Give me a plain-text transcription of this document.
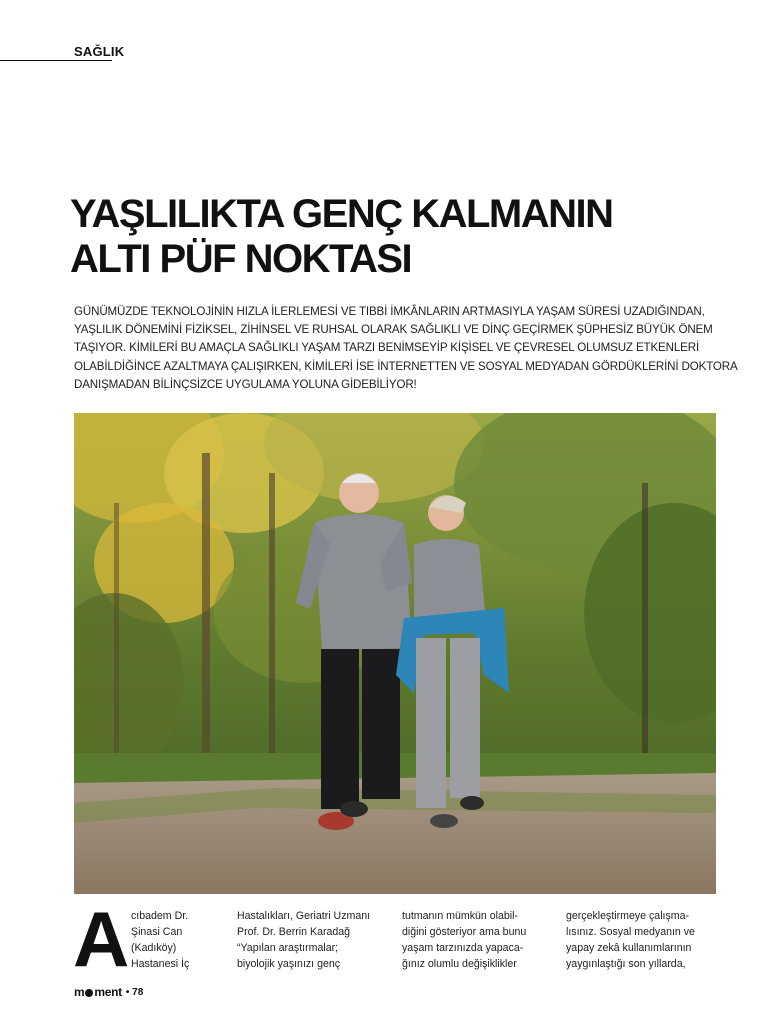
SAĞLIK
YAŞLILIKTA GENÇ KALMANIN
ALTI PÜF NOKTASI
GÜNÜMÜZDE TEKNOLOJİNİN HIZLA İLERLEMESİ VE TIBBİ İMKÂNLARIN ARTMASIYLA YAŞAM SÜRESİ UZADIĞINDAN,
YAŞLILIK DÖNEMİNİ FİZİKSEL, ZİHİNSEL VE RUHSAL OLARAK SAĞLIKLI VE DİNÇ GEÇİRMEK ŞÜPHESİZ BÜYÜK ÖNEM
TAŞIYOR. KİMİLERİ BU AMAÇLA SAĞLIKLI YAŞAM TARZI BENİMSEYİP KİŞİSEL VE ÇEVRESEL OLUMSUZ ETKENLERİ
OLABİLDİĞİNCE AZALTMAYA ÇALIŞIRKEN, KİMİLERİ İSE İNTERNETTEN VE SOSYAL MEDYADAN GÖRDÜKLERİNİ DOKTORA
DANIŞMADAN BİLİNÇSİZCE UYGULAMA YOLUNA GİDEBİLİYOR!
A cıbadem Dr.
Şinasi Can
(Kadıköy)
Hastanesi İç
Hastalıkları, Geriatri Uzmanı
Prof. Dr. Berrin Karadağ
“Yapılan araştırmalar;
biyolojik yaşınızı genç
tutmanın mümkün olabil-
diğini gösteriyor ama bunu
yaşam tarzınızda yapaca-
ğınız olumlu değişiklikler
gerçekleştirmeye çalışma-
lısınız. Sosyal medyanın ve
yapay zekâ kullanımlarının
yaygınlaştığı son yıllarda,
m ment • 78
